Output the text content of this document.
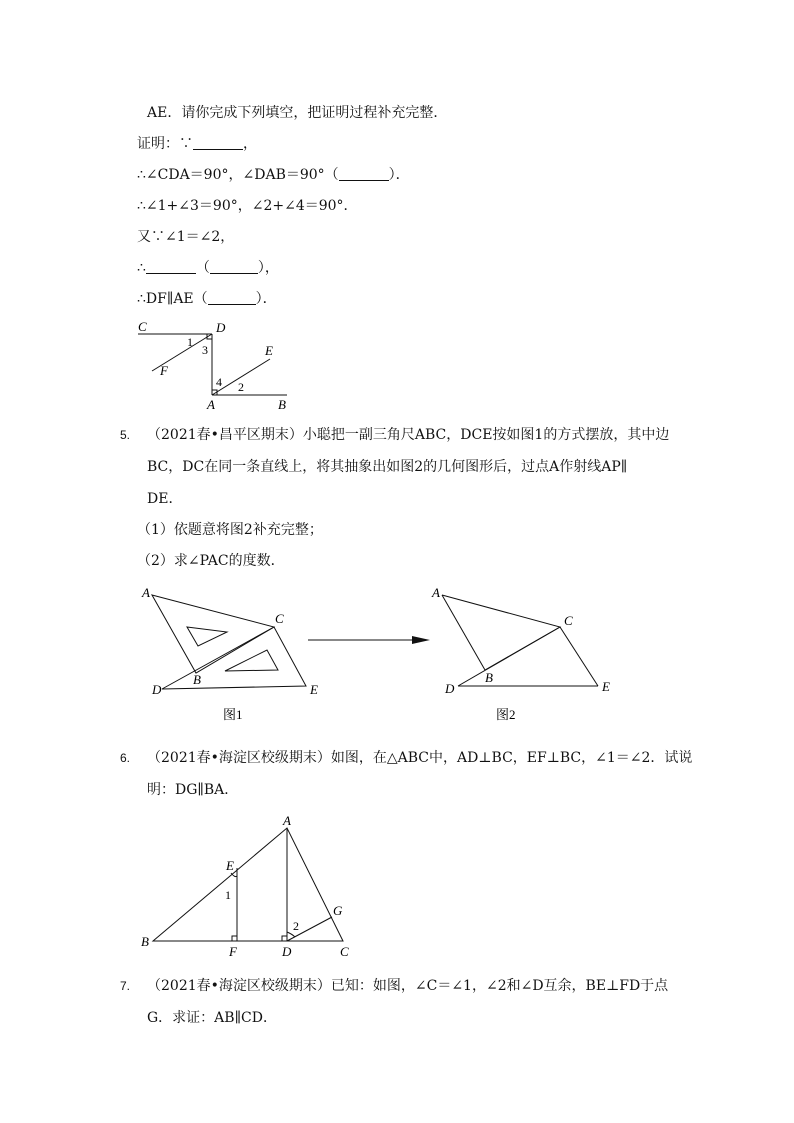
AE．请你完成下列填空，把证明过程补充完整．
证明：∵	，
∴∠CDA＝90°，∠DAB＝90°（	）．
∴∠1+∠3＝90°，∠2+∠4＝90°．
又∵∠1＝∠2，
∴	（	），
∴DF∥AE（	）．
C	D
E
F
A	B
1
3
4 2
5. （2021春•昌平区期末）小聪把一副三角尺ABC，DCE按如图1的方式摆放，其中边
BC，DC在同一条直线上，将其抽象出如图2的几何图形后，过点A作射线AP∥
DE．
（1）依题意将图2补充完整；
（2）求∠PAC的度数．
A
B
C
D	E
图1
A
B
C
D	E
图2
6. （2021春•海淀区校级期末）如图，在△ABC中，AD⊥BC，EF⊥BC，∠1＝∠2．试说
明：DG∥BA．
A
B
C
D
E
F
G
1
2
7. （2021春•海淀区校级期末）已知：如图，∠C＝∠1，∠2和∠D互余，BE⊥FD于点
G．求证：AB∥CD．
